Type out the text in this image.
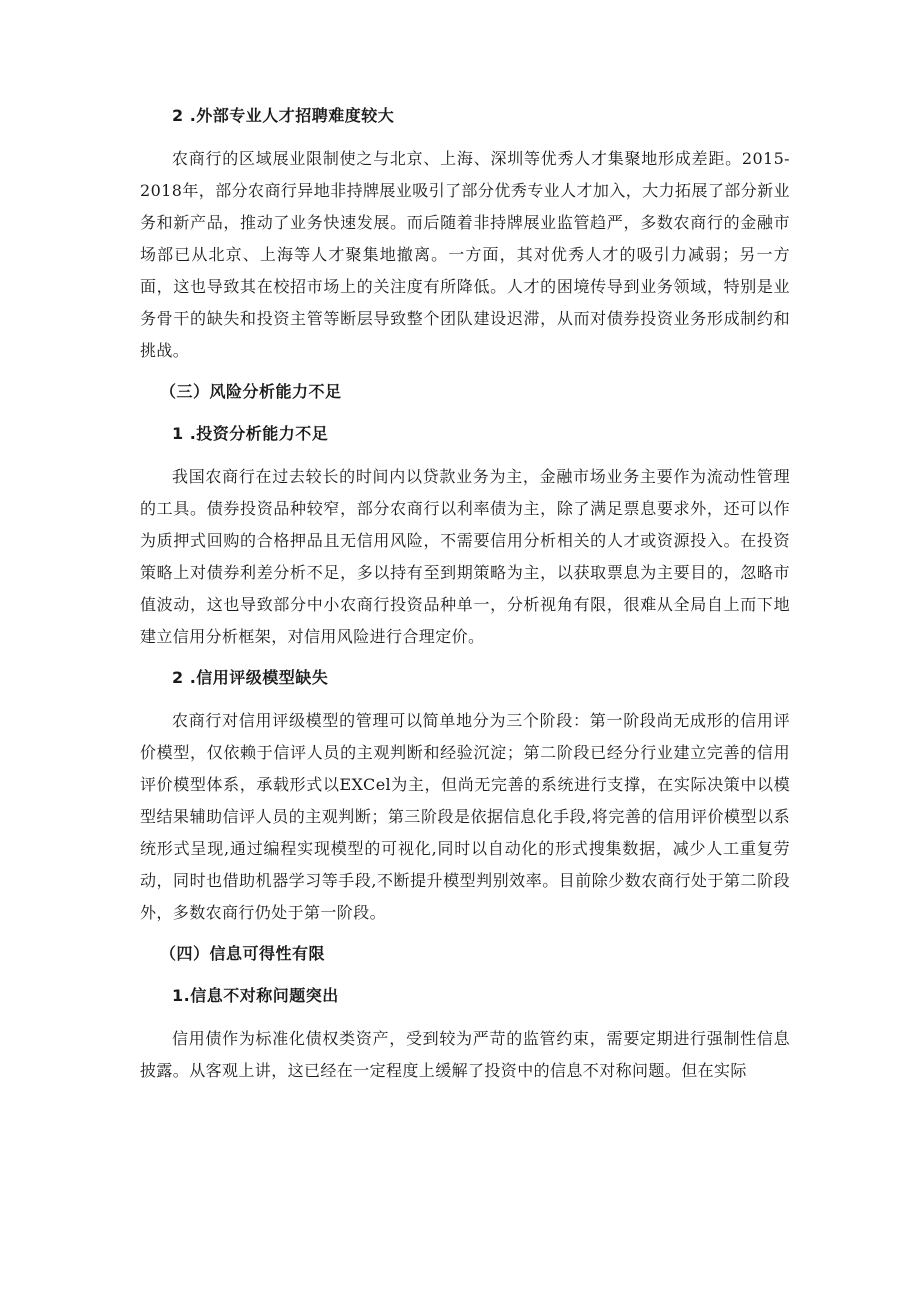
2 .外部专业人才招聘难度较大

农商行的区域展业限制使之与北京、上海、深圳等优秀人才集聚地形成差距。2015-2018年，部分农商行异地非持牌展业吸引了部分优秀专业人才加入，大力拓展了部分新业务和新产品，推动了业务快速发展。而后随着非持牌展业监管趋严，多数农商行的金融市场部已从北京、上海等人才聚集地撤离。一方面，其对优秀人才的吸引力减弱；另一方面，这也导致其在校招市场上的关注度有所降低。人才的困境传导到业务领域，特别是业务骨干的缺失和投资主管等断层导致整个团队建设迟滞，从而对债券投资业务形成制约和挑战。

（三）风险分析能力不足
1 .投资分析能力不足

我国农商行在过去较长的时间内以贷款业务为主，金融市场业务主要作为流动性管理的工具。债券投资品种较窄，部分农商行以利率债为主，除了满足票息要求外，还可以作为质押式回购的合格押品且无信用风险，不需要信用分析相关的人才或资源投入。在投资策略上对债券利差分析不足，多以持有至到期策略为主，以获取票息为主要目的，忽略市值波动，这也导致部分中小农商行投资品种单一，分析视角有限，很难从全局自上而下地建立信用分析框架，对信用风险进行合理定价。

2 .信用评级模型缺失

农商行对信用评级模型的管理可以简单地分为三个阶段：第一阶段尚无成形的信用评价模型，仅依赖于信评人员的主观判断和经验沉淀；第二阶段已经分行业建立完善的信用评价模型体系，承载形式以EXCel为主，但尚无完善的系统进行支撑，在实际决策中以模型结果辅助信评人员的主观判断；第三阶段是依据信息化手段,将完善的信用评价模型以系统形式呈现,通过编程实现模型的可视化,同时以自动化的形式搜集数据，减少人工重复劳动，同时也借助机器学习等手段,不断提升模型判别效率。目前除少数农商行处于第二阶段外，多数农商行仍处于第一阶段。

（四）信息可得性有限
1.信息不对称问题突出

信用债作为标准化债权类资产，受到较为严苛的监管约束，需要定期进行强制性信息披露。从客观上讲，这已经在一定程度上缓解了投资中的信息不对称问题。但在实际
